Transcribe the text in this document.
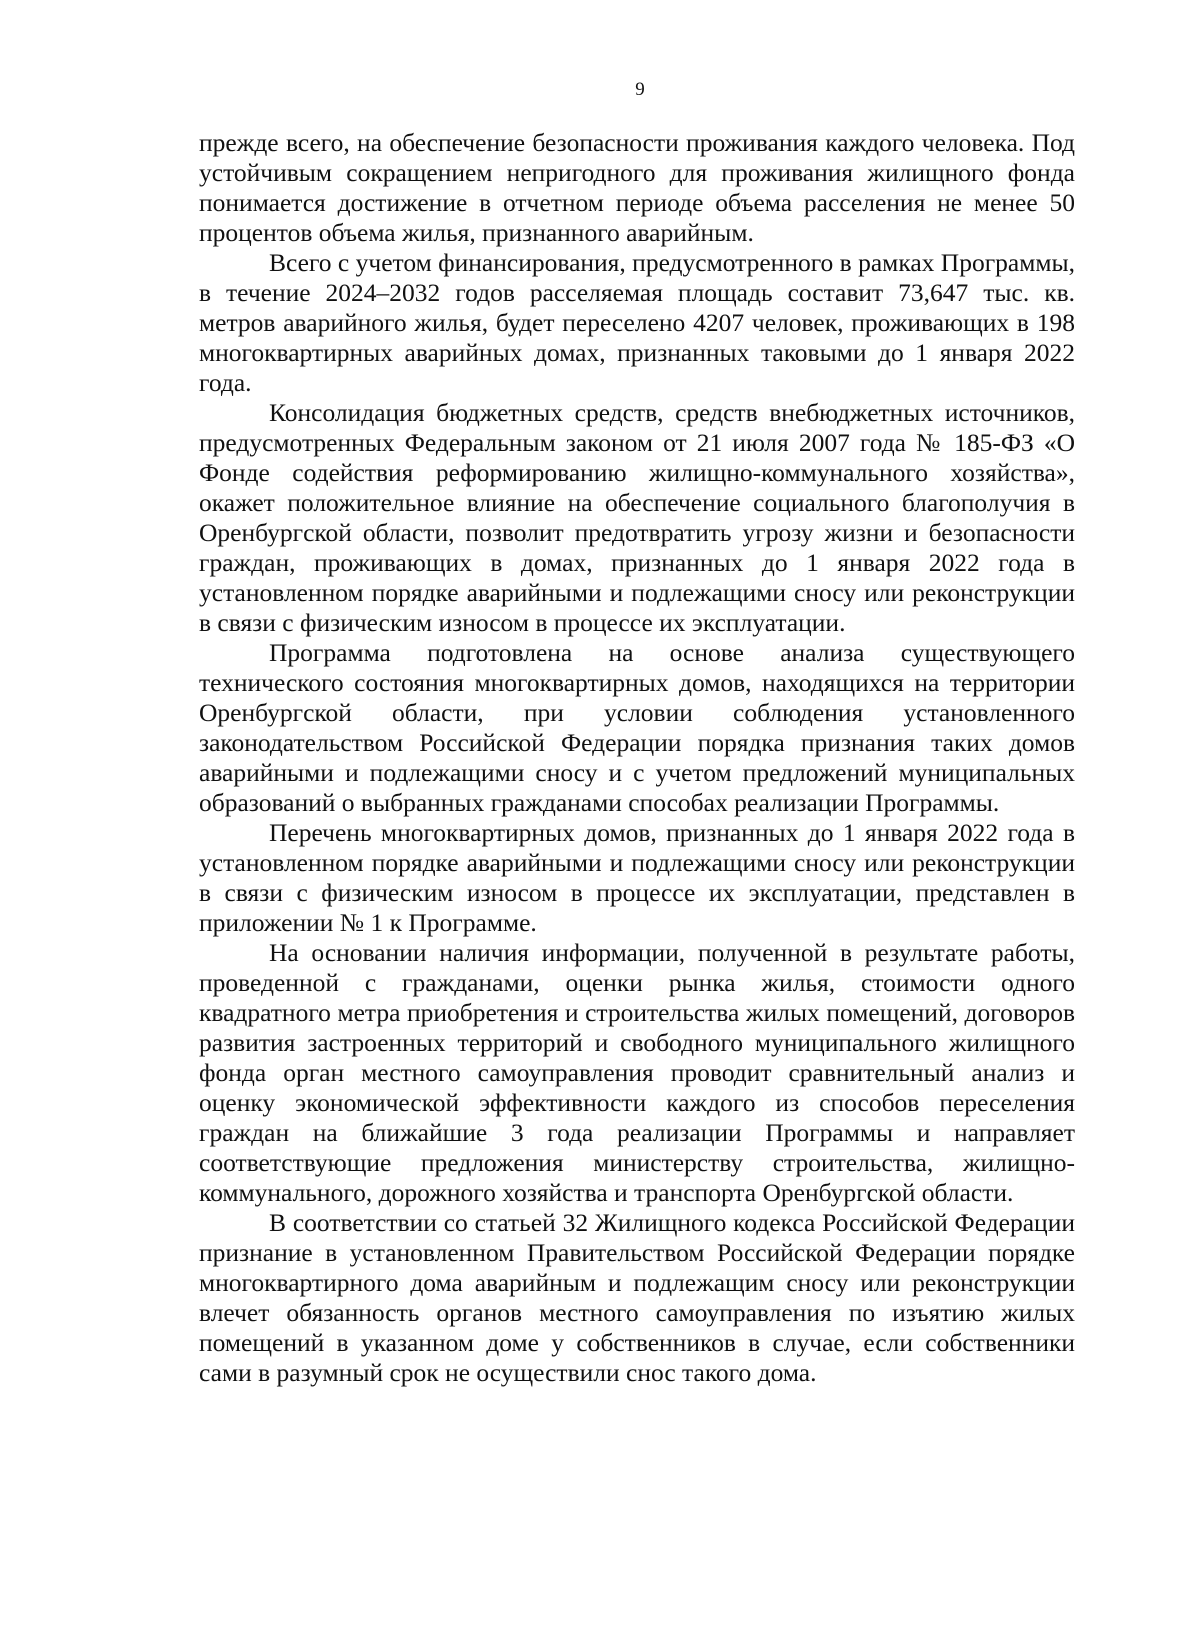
9

прежде всего, на обеспечение безопасности проживания каждого человека. Под устойчивым сокращением непригодного для проживания жилищного фонда понимается достижение в отчетном периоде объема расселения не менее 50 процентов объема жилья, признанного аварийным.

Всего с учетом финансирования, предусмотренного в рамках Программы, в течение 2024–2032 годов расселяемая площадь составит 73,647 тыс. кв. метров аварийного жилья, будет переселено 4207 человек, проживающих в 198 многоквартирных аварийных домах, признанных таковыми до 1 января 2022 года.

Консолидация бюджетных средств, средств внебюджетных источников, предусмотренных Федеральным законом от 21 июля 2007 года № 185-ФЗ «О Фонде содействия реформированию жилищно-коммунального хозяйства», окажет положительное влияние на обеспечение социального благополучия в Оренбургской области, позволит предотвратить угрозу жизни и безопасности граждан, проживающих в домах, признанных до 1 января 2022 года в установленном порядке аварийными и подлежащими сносу или реконструкции в связи с физическим износом в процессе их эксплуатации.

Программа подготовлена на основе анализа существующего технического состояния многоквартирных домов, находящихся на территории Оренбургской области, при условии соблюдения установленного законодательством Российской Федерации порядка признания таких домов аварийными и подлежащими сносу и с учетом предложений муниципальных образований о выбранных гражданами способах реализации Программы.

Перечень многоквартирных домов, признанных до 1 января 2022 года в установленном порядке аварийными и подлежащими сносу или реконструкции в связи с физическим износом в процессе их эксплуатации, представлен в приложении № 1 к Программе.

На основании наличия информации, полученной в результате работы, проведенной с гражданами, оценки рынка жилья, стоимости одного квадратного метра приобретения и строительства жилых помещений, договоров развития застроенных территорий и свободного муниципального жилищного фонда орган местного самоуправления проводит сравнительный анализ и оценку экономической эффективности каждого из способов переселения граждан на ближайшие 3 года реализации Программы и направляет соответствующие предложения министерству строительства, жилищно-коммунального, дорожного хозяйства и транспорта Оренбургской области.

В соответствии со статьей 32 Жилищного кодекса Российской Федерации признание в установленном Правительством Российской Федерации порядке многоквартирного дома аварийным и подлежащим сносу или реконструкции влечет обязанность органов местного самоуправления по изъятию жилых помещений в указанном доме у собственников в случае, если собственники сами в разумный срок не осуществили снос такого дома.
